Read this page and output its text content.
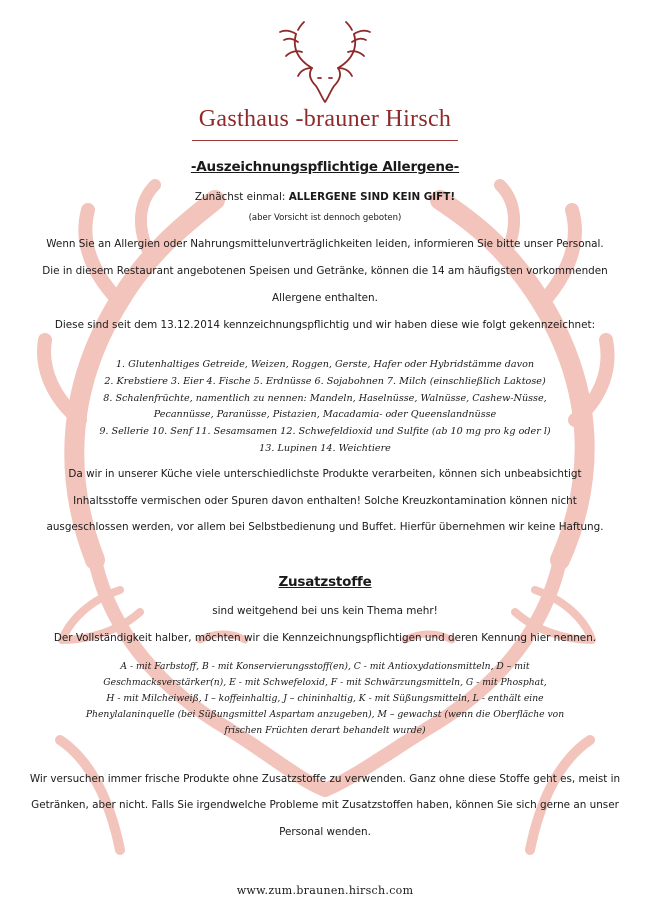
Gasthaus -brauner Hirsch
-Auszeichnungspflichtige Allergene-
Zunächst einmal: ALLERGENE SIND KEIN GIFT!
(aber Vorsicht ist dennoch geboten)
Wenn Sie an Allergien oder Nahrungsmittelunverträglichkeiten leiden, informieren Sie bitte unser Personal.
Die in diesem Restaurant angebotenen Speisen und Getränke, können die 14 am häufigsten vorkommenden
Allergene enthalten.
Diese sind seit dem 13.12.2014 kennzeichnungspflichtig und wir haben diese wie folgt gekennzeichnet:
1. Glutenhaltiges Getreide, Weizen, Roggen, Gerste, Hafer oder Hybridstämme davon
2. Krebstiere 3. Eier 4. Fische 5. Erdnüsse 6. Sojabohnen 7. Milch (einschließlich Laktose)
8. Schalenfrüchte, namentlich zu nennen: Mandeln, Haselnüsse, Walnüsse, Cashew-Nüsse,
Pecannüsse, Paranüsse, Pistazien, Macadamia- oder Queenslandnüsse
9. Sellerie 10. Senf 11. Sesamsamen 12. Schwefeldioxid und Sulfite (ab 10 mg pro kg oder l)
13. Lupinen 14. Weichtiere
Da wir in unserer Küche viele unterschiedlichste Produkte verarbeiten, können sich unbeabsichtigt
Inhaltsstoffe vermischen oder Spuren davon enthalten! Solche Kreuzkontamination können nicht
ausgeschlossen werden, vor allem bei Selbstbedienung und Buffet. Hierfür übernehmen wir keine Haftung.
Zusatzstoffe
sind weitgehend bei uns kein Thema mehr!
Der Vollständigkeit halber, möchten wir die Kennzeichnungspflichtigen und deren Kennung hier nennen.
A - mit Farbstoff, B - mit Konservierungsstoff(en), C - mit Antioxydationsmitteln, D – mit
Geschmacksverstärker(n), E - mit Schwefeloxid, F - mit Schwärzungsmitteln, G - mit Phosphat,
H - mit Milcheiweiß, I – koffeinhaltig, J – chininhaltig, K - mit Süßungsmitteln, L - enthält eine
Phenylalaninquelle (bei Süßungsmittel Aspartam anzugeben), M – gewachst (wenn die Oberfläche von
frischen Früchten derart behandelt wurde)
Wir versuchen immer frische Produkte ohne Zusatzstoffe zu verwenden. Ganz ohne diese Stoffe geht es, meist in
Getränken, aber nicht. Falls Sie irgendwelche Probleme mit Zusatzstoffen haben, können Sie sich gerne an unser
Personal wenden.
www.zum.braunen.hirsch.com
